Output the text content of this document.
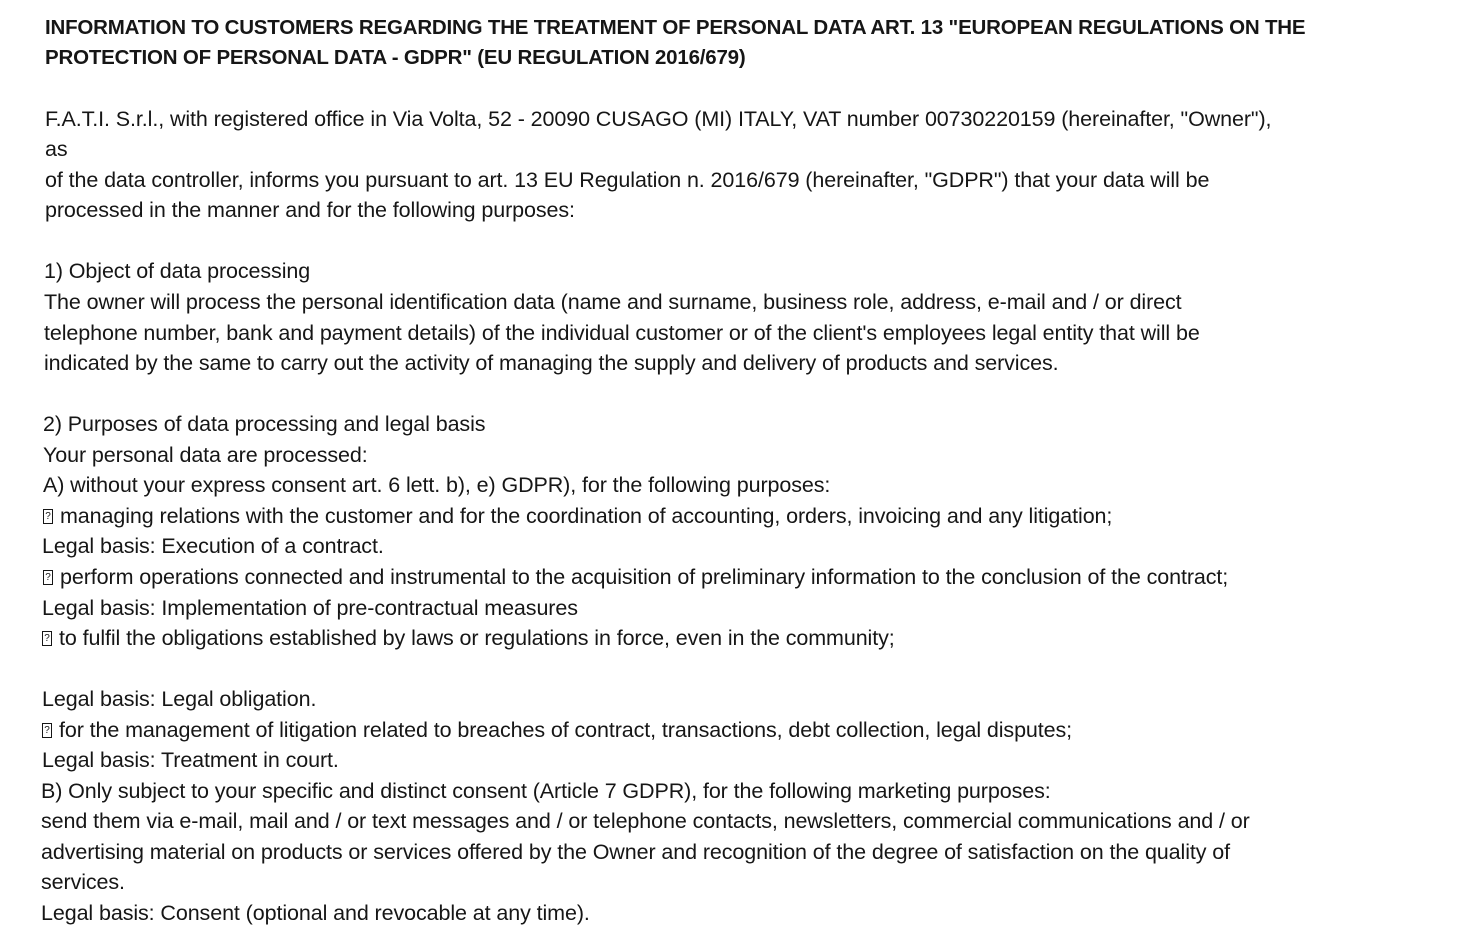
INFORMATION TO CUSTOMERS REGARDING THE TREATMENT OF PERSONAL DATA ART. 13 "EUROPEAN REGULATIONS ON THE
PROTECTION OF PERSONAL DATA - GDPR" (EU REGULATION 2016/679)
F.A.T.I. S.r.l., with registered office in Via Volta, 52 - 20090 CUSAGO (MI) ITALY, VAT number 00730220159 (hereinafter, "Owner"),
as
of the data controller, informs you pursuant to art. 13 EU Regulation n. 2016/679 (hereinafter, "GDPR") that your data will be
processed in the manner and for the following purposes:
1) Object of data processing
The owner will process the personal identification data (name and surname, business role, address, e-mail and / or direct
telephone number, bank and payment details) of the individual customer or of the client's employees legal entity that will be
indicated by the same to carry out the activity of managing the supply and delivery of products and services.
2) Purposes of data processing and legal basis
Your personal data are processed:
A) without your express consent art. 6 lett. b), e) GDPR), for the following purposes:
?managing relations with the customer and for the coordination of accounting, orders, invoicing and any litigation;
Legal basis: Execution of a contract.
?perform operations connected and instrumental to the acquisition of preliminary information to the conclusion of the contract;
Legal basis: Implementation of pre-contractual measures
?to fulfil the obligations established by laws or regulations in force, even in the community;
Legal basis: Legal obligation.
?for the management of litigation related to breaches of contract, transactions, debt collection, legal disputes;
Legal basis: Treatment in court.
B) Only subject to your specific and distinct consent (Article 7 GDPR), for the following marketing purposes:
send them via e-mail, mail and / or text messages and / or telephone contacts, newsletters, commercial communications and / or
advertising material on products or services offered by the Owner and recognition of the degree of satisfaction on the quality of
services.
Legal basis: Consent (optional and revocable at any time).
